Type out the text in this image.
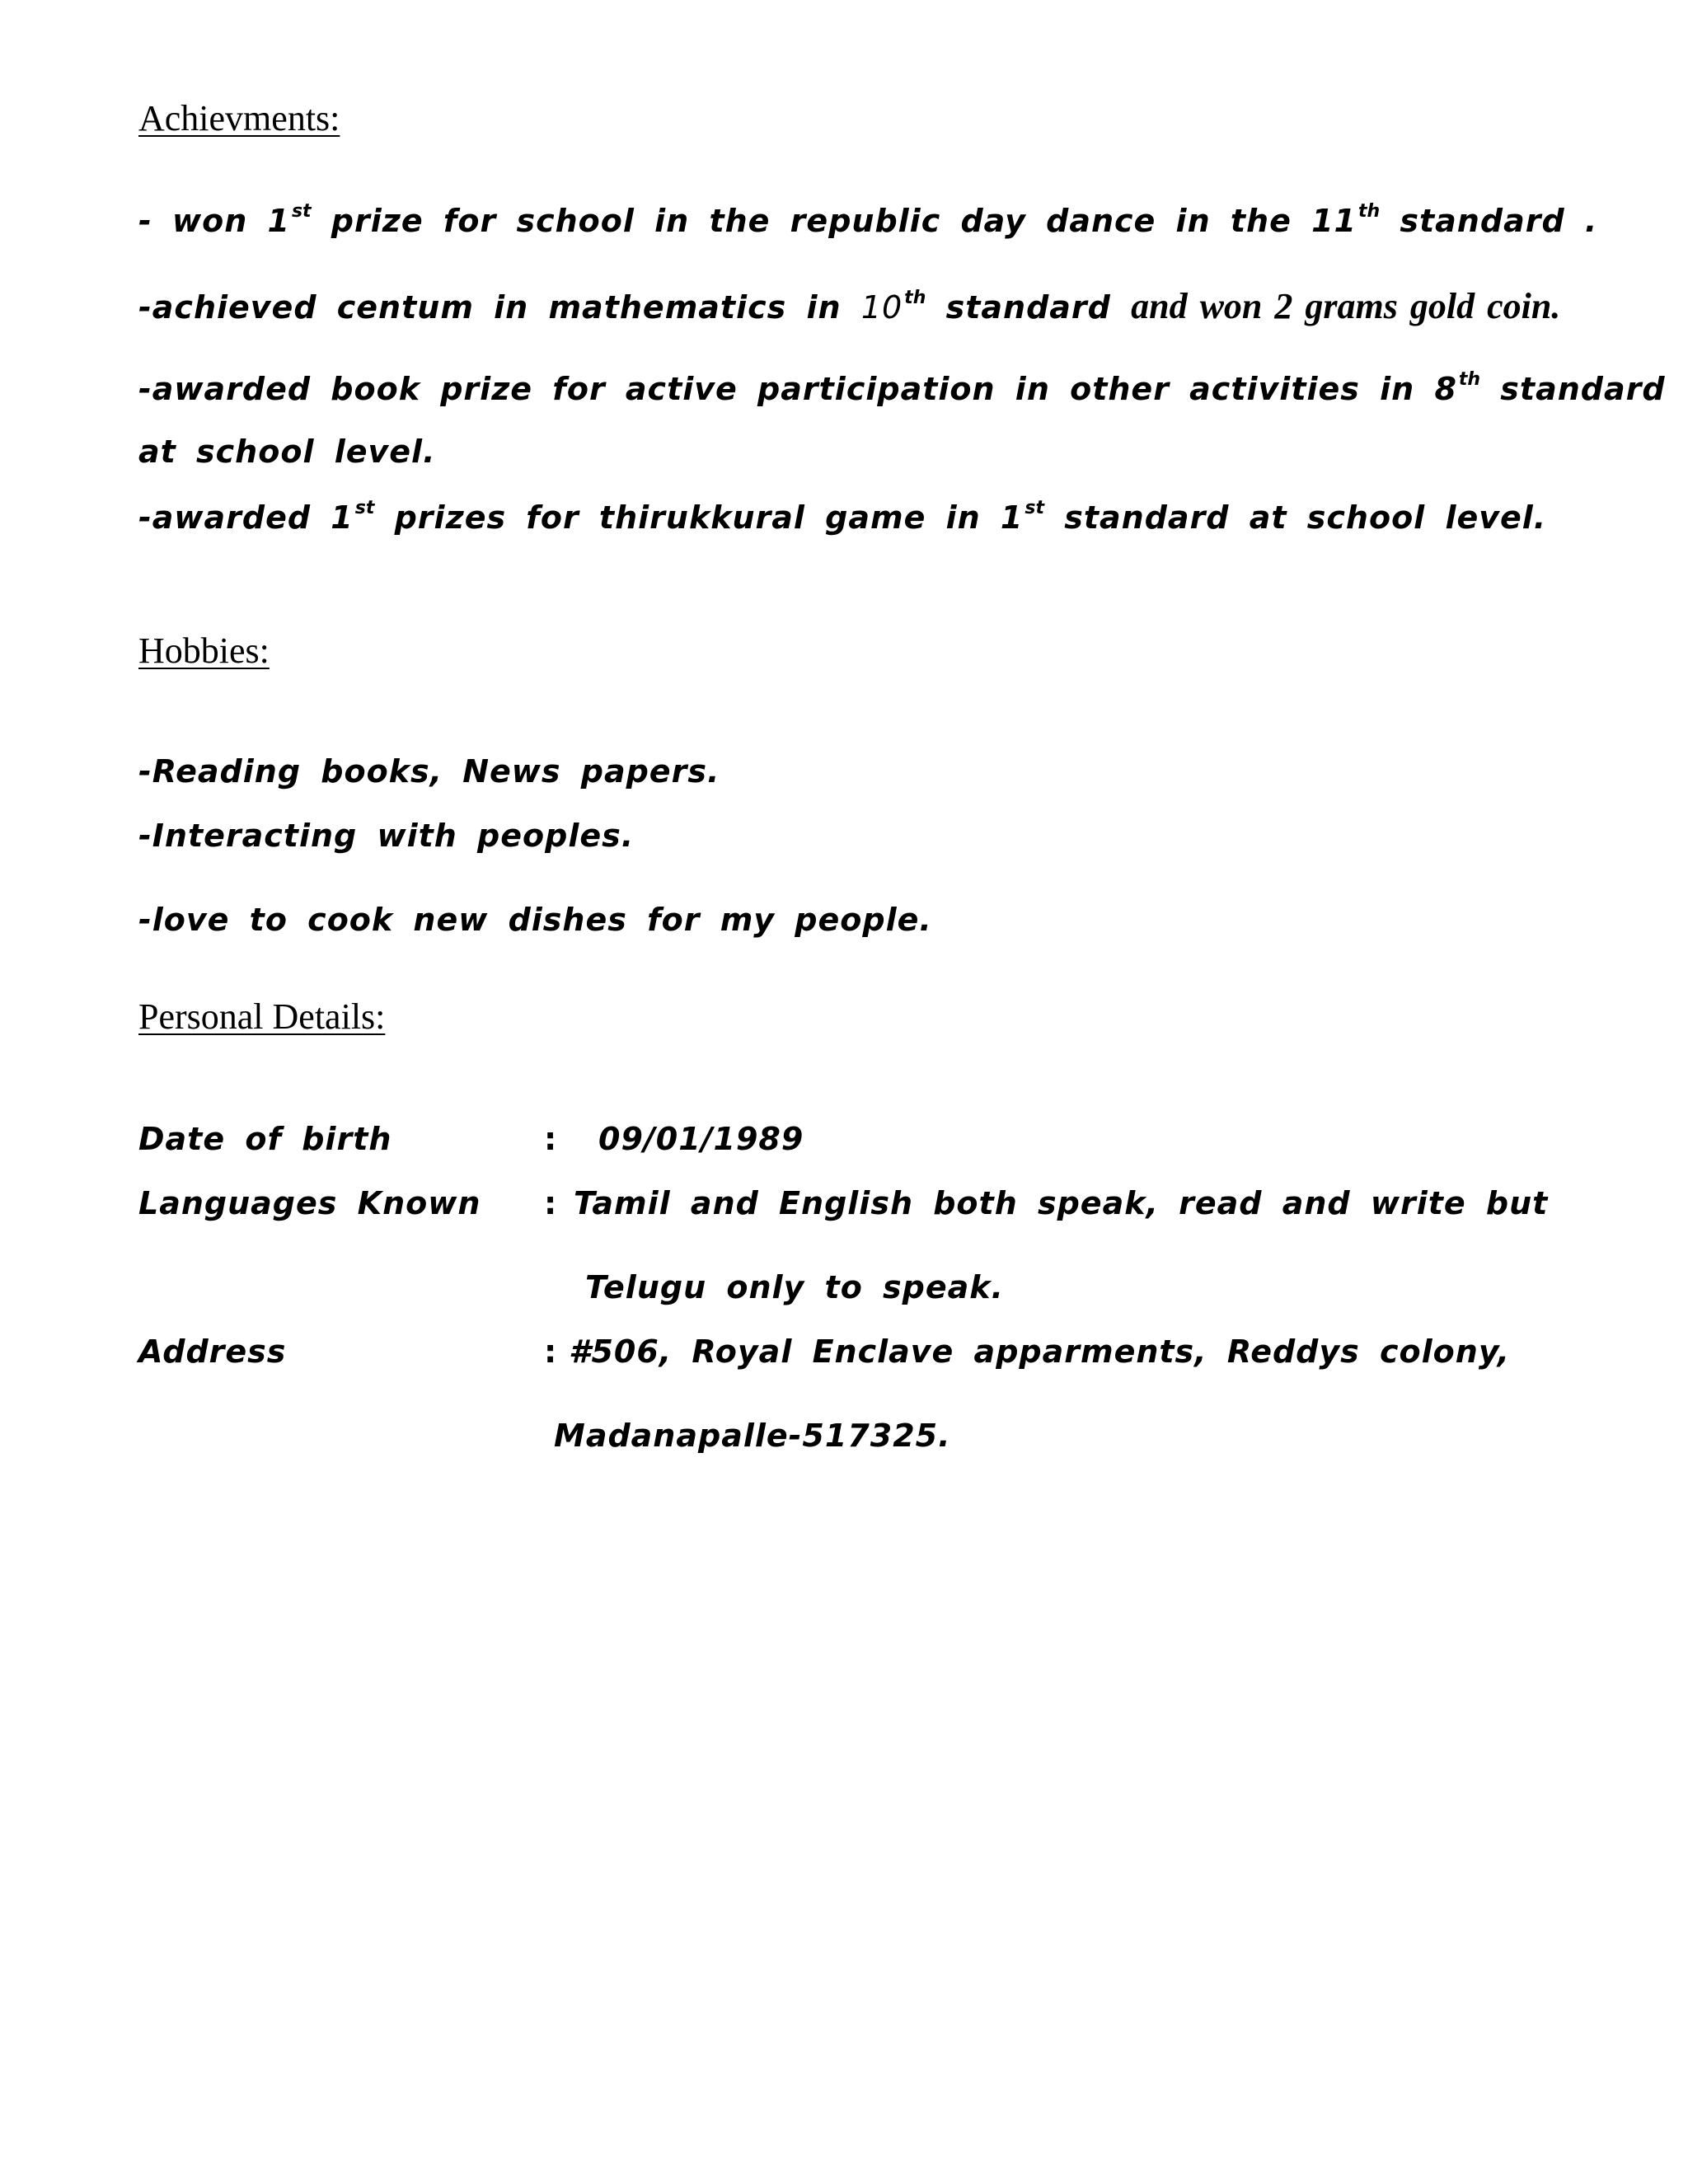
Achievments:

- won 1st prize for school in the republic day dance in the 11th standard .

-achieved centum in mathematics in 10th standard and won 2 grams gold coin.

-awarded book prize for active participation in other activities in 8th standard

at school level.

-awarded 1st prizes for thirukkural game in 1st standard at school level.

Hobbies:

-Reading books, News papers.

-Interacting with peoples.

-love to cook new dishes for my people.

Personal Details:
Date of birth	: 09/01/1989
Languages Known : Tamil and English both speak, read and write but
Telugu only to speak.
Address	: #506, Royal Enclave apparments, Reddys colony,
Madanapalle-517325.
